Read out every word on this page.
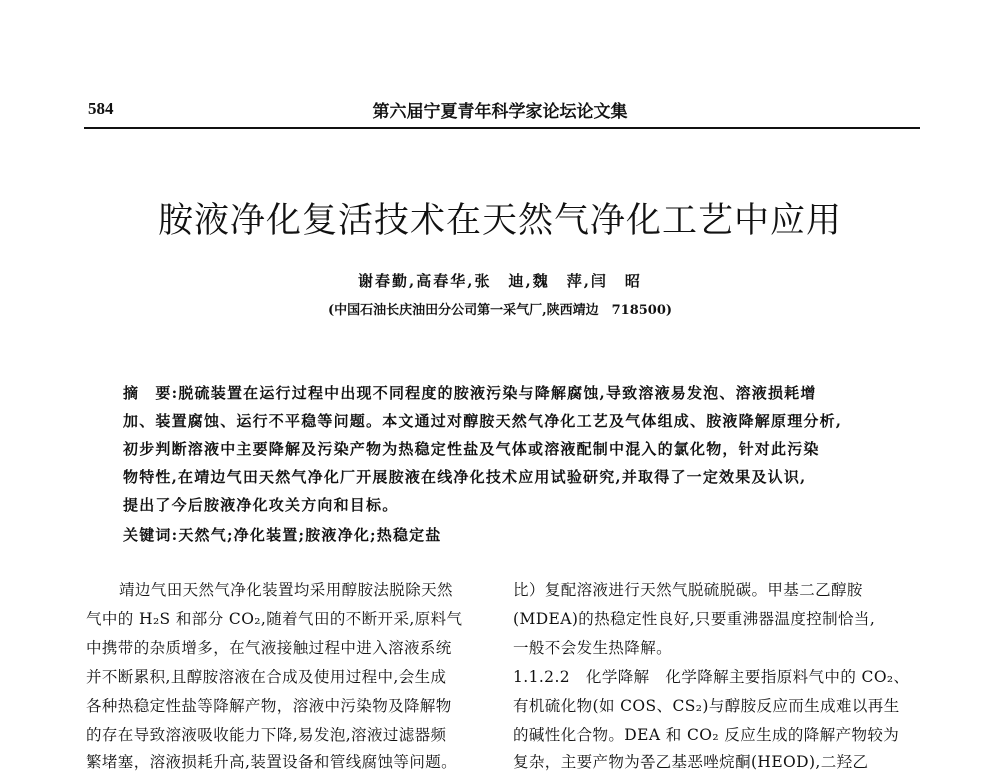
584	第六届宁夏青年科学家论坛论文集
胺液净化复活技术在天然气净化工艺中应用
谢春勤,高春华,张　迪,魏　萍,闫　昭
(中国石油长庆油田分公司第一采气厂,陕西靖边　718500)
摘　要:脱硫装置在运行过程中出现不同程度的胺液污染与降解腐蚀,导致溶液易发泡、溶液损耗增
加、装置腐蚀、运行不平稳等问题。本文通过对醇胺天然气净化工艺及气体组成、胺液降解原理分析,
初步判断溶液中主要降解及污染产物为热稳定性盐及气体或溶液配制中混入的氯化物，针对此污染
物特性,在靖边气田天然气净化厂开展胺液在线净化技术应用试验研究,并取得了一定效果及认识,
提出了今后胺液净化攻关方向和目标。
关键词:天然气;净化装置;胺液净化;热稳定盐
靖边气田天然气净化装置均采用醇胺法脱除天然
气中的 H₂S 和部分 CO₂,随着气田的不断开采,原料气
中携带的杂质增多，在气液接触过程中进入溶液系统
并不断累积,且醇胺溶液在合成及使用过程中,会生成
各种热稳定性盐等降解产物，溶液中污染物及降解物
的存在导致溶液吸收能力下降,易发泡,溶液过滤器频
繁堵塞，溶液损耗升高,装置设备和管线腐蚀等问题。
比）复配溶液进行天然气脱硫脱碳。甲基二乙醇胺
(MDEA)的热稳定性良好,只要重沸器温度控制恰当,
一般不会发生热降解。
1.1.2.2　化学降解　化学降解主要指原料气中的 CO₂、
有机硫化物(如 COS、CS₂)与醇胺反应而生成难以再生
的碱性化合物。DEA 和 CO₂ 反应生成的降解产物较为
复杂，主要产物为쫌乙基恶唑烷酮(HEOD),二羟乙
